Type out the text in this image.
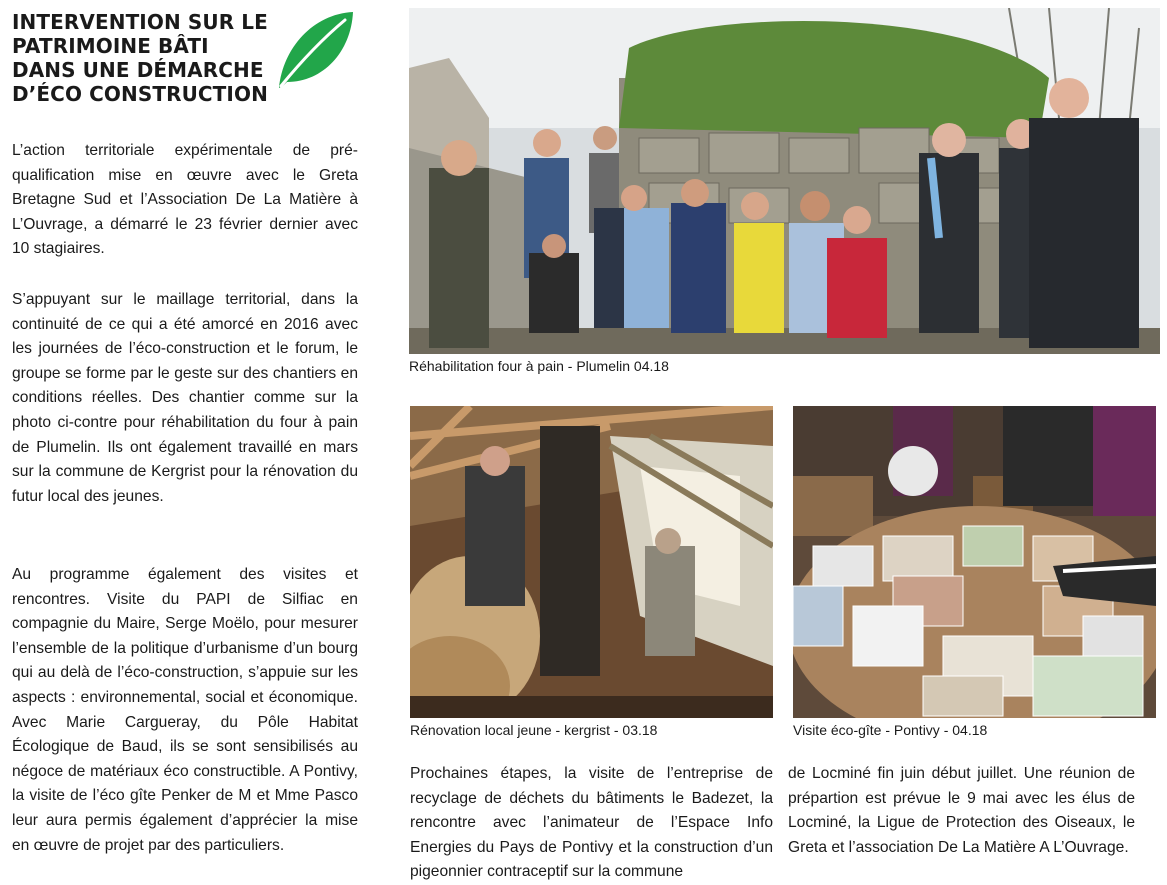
INTERVENTION SUR LE PATRIMOINE BÂTI DANS UNE DÉMARCHE D’ÉCO CONSTRUCTION

L’action territoriale expérimentale de pré-qualification mise en œuvre avec le Greta Bretagne Sud et l’Association De La Matière à L’Ouvrage, a démarré le 23 février dernier avec 10 stagiaires.

S’appuyant sur le maillage territorial, dans la continuité de ce qui a été amorcé en 2016 avec les journées de l’éco-construction et le forum, le groupe se forme par le geste sur des chantiers en conditions réelles. Des chantier comme sur la photo ci-contre pour réhabilitation du four à pain de Plumelin. Ils ont également travaillé en mars sur la commune de Kergrist pour la rénovation du futur local des jeunes.

Au programme également des visites et rencontres. Visite du PAPI de Silfiac en compagnie du Maire, Serge Moëlo, pour mesurer l’ensemble de la politique d’urbanisme d’un bourg qui au delà de l’éco-construction, s’appuie sur les aspects : environnemental, social et économique. Avec Marie Cargueray, du Pôle Habitat Écologique de Baud, ils se sont sensibilisés au négoce de matériaux éco constructible. A Pontivy, la visite de l’éco gîte Penker de M et Mme Pasco leur aura permis également d’apprécier la mise en œuvre de projet par des particuliers.

Réhabilitation four à pain - Plumelin 04.18
Rénovation local jeune - kergrist - 03.18	Visite éco-gîte - Pontivy - 04.18
Prochaines étapes, la visite de l’entreprise de recyclage de déchets du bâtiments le Badezet, la rencontre avec l’animateur de l’Espace Info Energies du Pays de Pontivy et la construction d’un pigeonnier contraceptif sur la commune
de Locminé fin juin début juillet. Une réunion de prépartion est prévue le 9 mai avec les élus de Locminé, la Ligue de Protection des Oiseaux, le Greta et l’association De La Matière A L’Ouvrage.
